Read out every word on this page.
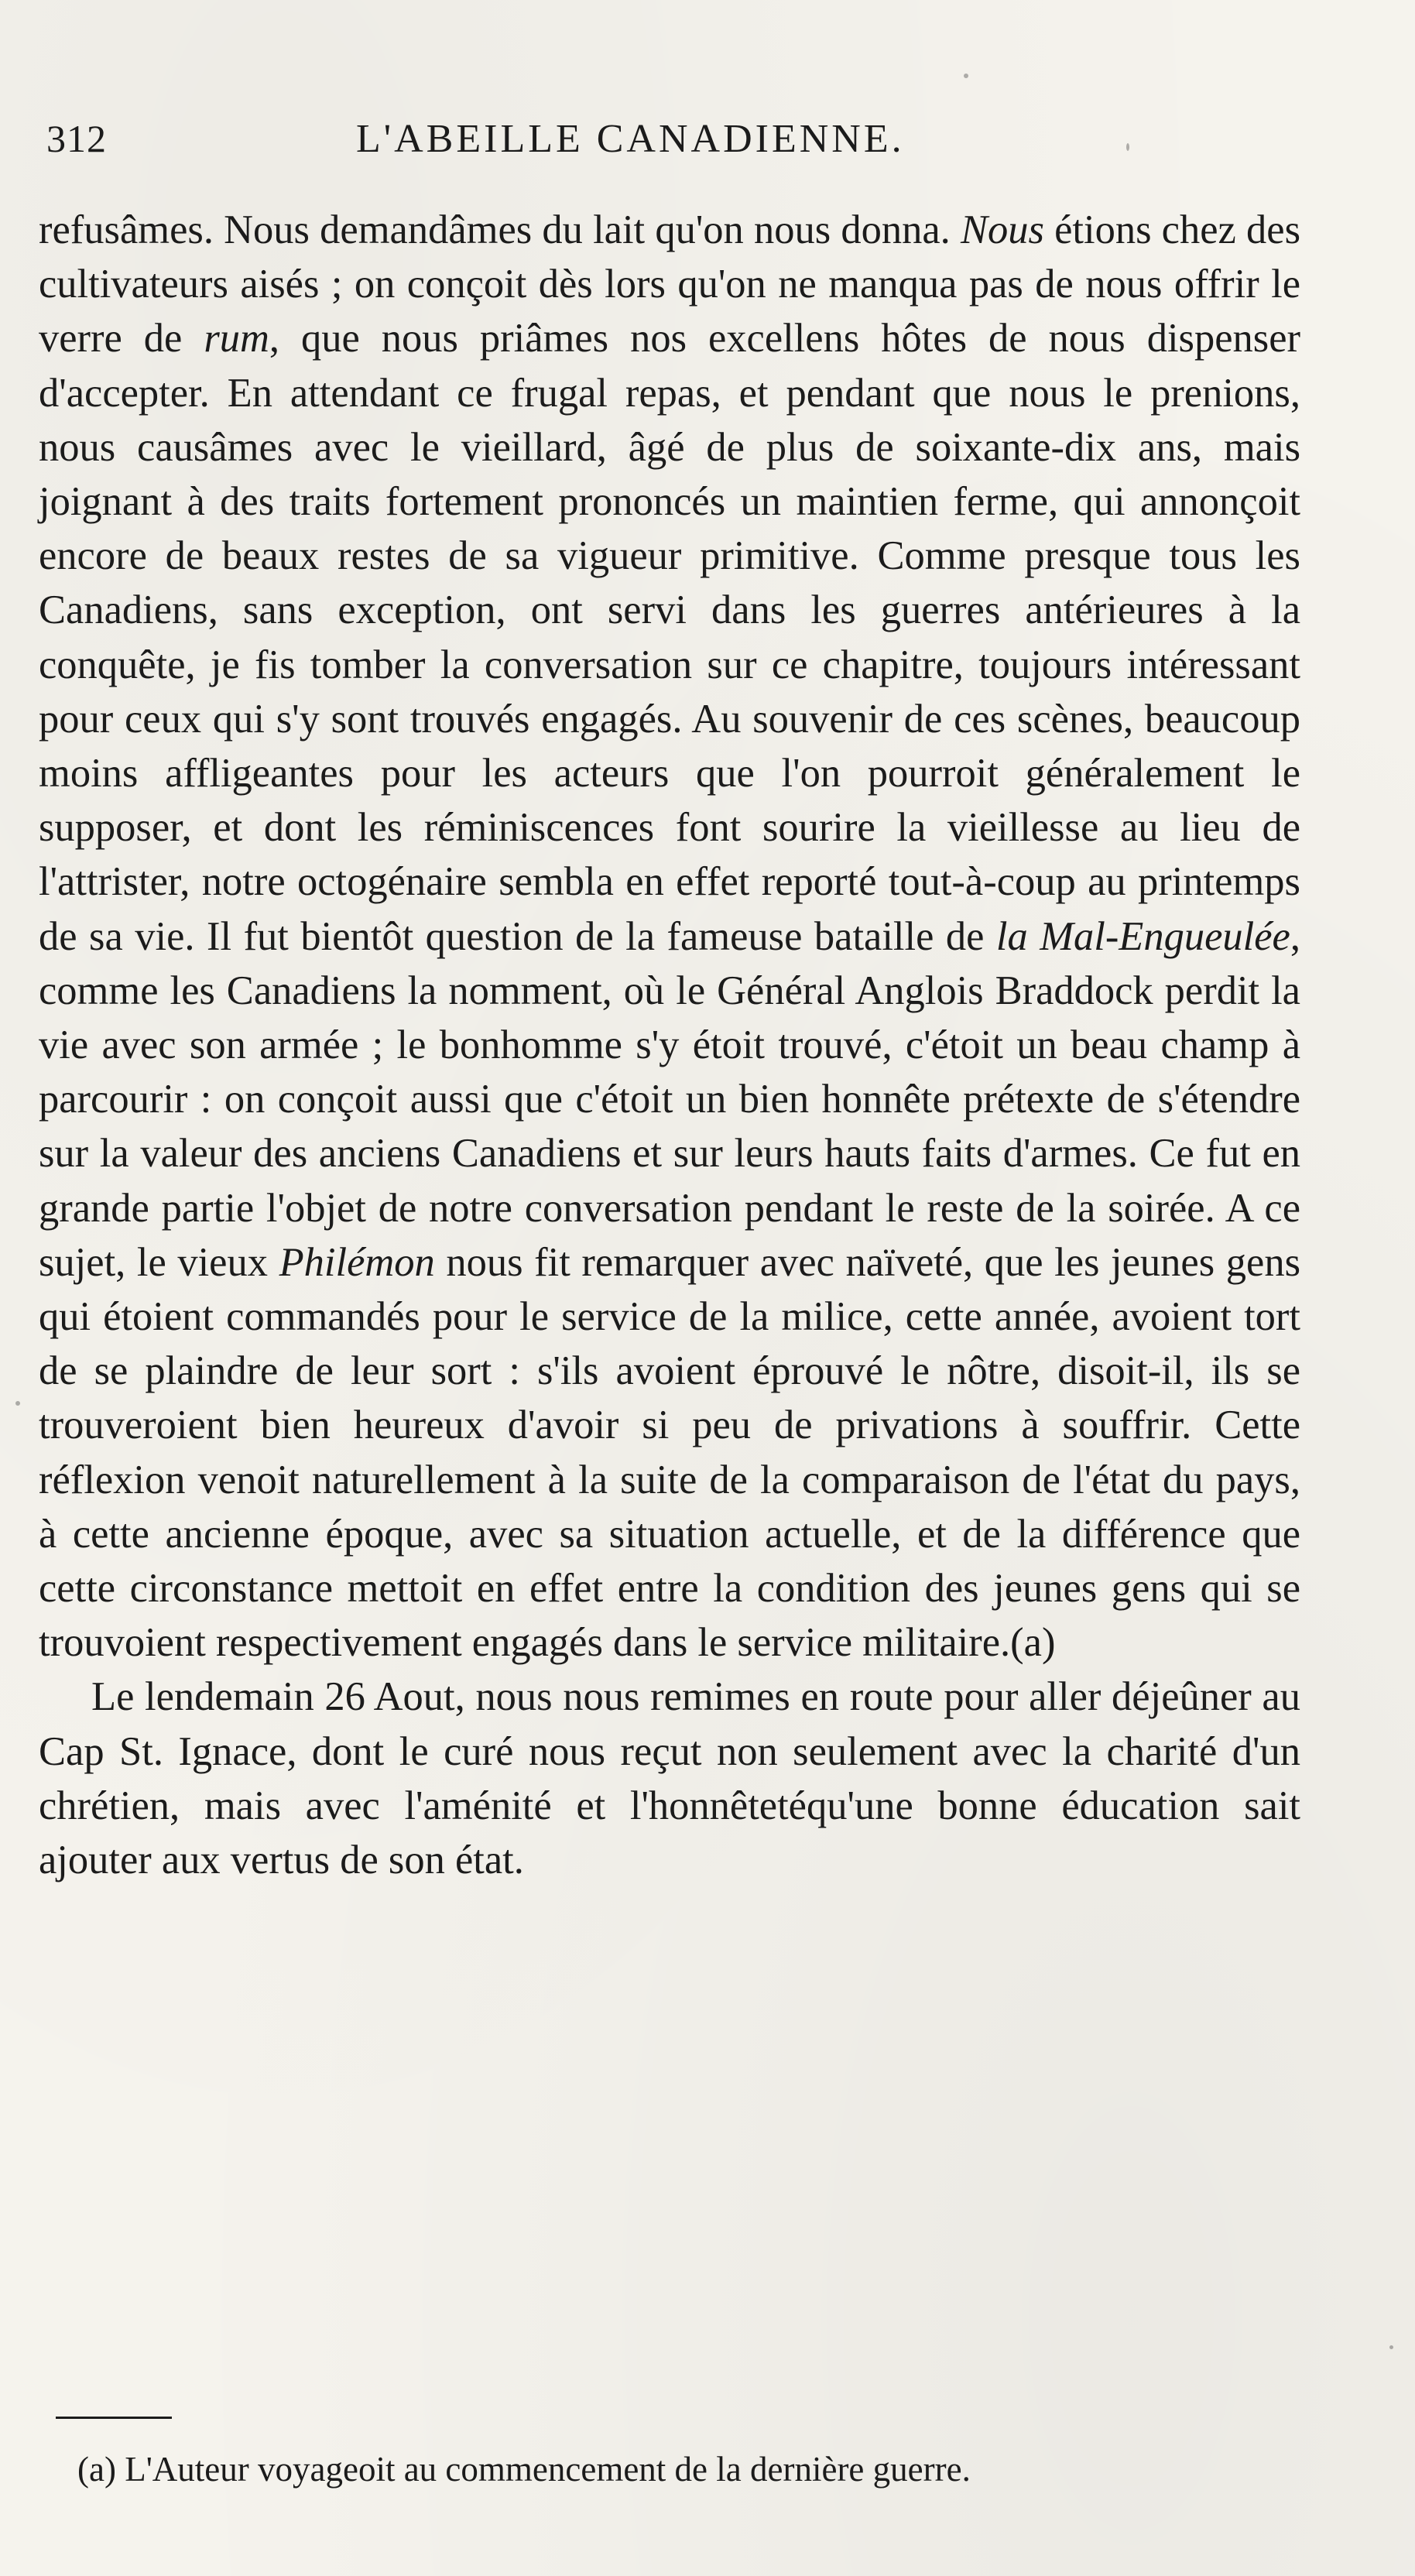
312	L'ABEILLE CANADIENNE.

refusâmes. Nous demandâmes du lait qu'on nous donna. Nous étions chez des cultivateurs aisés ; on conçoit dès lors qu'on ne manqua pas de nous offrir le verre de rum, que nous priâmes nos excellens hôtes de nous dispenser d'accepter. En attendant ce frugal repas, et pendant que nous le prenions, nous causâmes avec le vieillard, âgé de plus de soixante-dix ans, mais joignant à des traits fortement prononcés un maintien ferme, qui annonçoit encore de beaux restes de sa vigueur primitive. Comme presque tous les Canadiens, sans exception, ont servi dans les guerres antérieures à la conquête, je fis tomber la conversation sur ce chapitre, toujours intéressant pour ceux qui s'y sont trouvés engagés. Au souvenir de ces scènes, beaucoup moins affligeantes pour les acteurs que l'on pourroit généralement le supposer, et dont les réminiscences font sourire la vieillesse au lieu de l'attrister, notre octogénaire sembla en effet reporté tout-à-coup au printemps de sa vie. Il fut bientôt question de la fameuse bataille de la Mal-Engueulée, comme les Canadiens la nomment, où le Général Anglois Braddock perdit la vie avec son armée ; le bonhomme s'y étoit trouvé, c'étoit un beau champ à parcourir : on conçoit aussi que c'étoit un bien honnête prétexte de s'étendre sur la valeur des anciens Canadiens et sur leurs hauts faits d'armes. Ce fut en grande partie l'objet de notre conversation pendant le reste de la soirée. A ce sujet, le vieux Philémon nous fit remarquer avec naïveté, que les jeunes gens qui étoient commandés pour le service de la milice, cette année, avoient tort de se plaindre de leur sort : s'ils avoient éprouvé le nôtre, disoit-il, ils se trouveroient bien heureux d'avoir si peu de privations à souffrir. Cette réflexion venoit naturellement à la suite de la comparaison de l'état du pays, à cette ancienne époque, avec sa situation actuelle, et de la différence que cette circonstance mettoit en effet entre la condition des jeunes gens qui se trouvoient respectivement engagés dans le service militaire.(a)

Le lendemain 26 Aout, nous nous remimes en route pour aller déjeûner au Cap St. Ignace, dont le curé nous reçut non seulement avec la charité d'un chrétien, mais avec l'aménité et l'honnêtetéqu'une bonne éducation sait ajouter aux vertus de son état.

(a) L'Auteur voyageoit au commencement de la dernière guerre.
